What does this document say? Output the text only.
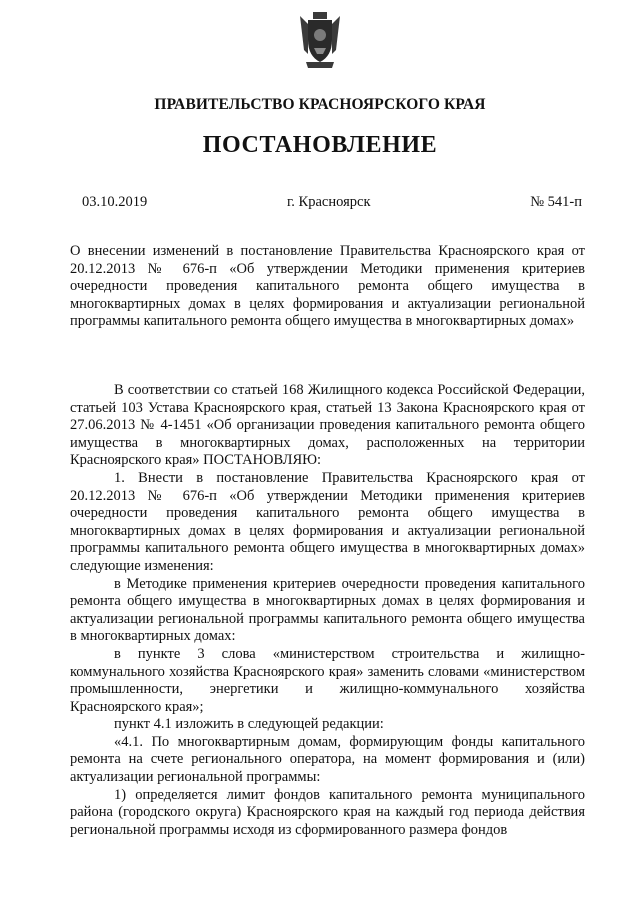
ПРАВИТЕЛЬСТВО КРАСНОЯРСКОГО КРАЯ
ПОСТАНОВЛЕНИЕ
03.10.2019	г. Красноярск	№ 541-п

О внесении изменений в постановление Правительства Красноярского края от 20.12.2013 № 676-п «Об утверждении Методики применения критериев очередности проведения капитального ремонта общего имущества в многоквартирных домах в целях формирования и актуализации региональной программы капитального ремонта общего имущества в многоквартирных домах»

В соответствии со статьей 168 Жилищного кодекса Российской Федерации, статьей 103 Устава Красноярского края, статьей 13 Закона Красноярского края от 27.06.2013 № 4-1451 «Об организации проведения капитального ремонта общего имущества в многоквартирных домах, расположенных на территории Красноярского края» ПОСТАНОВЛЯЮ:

1. Внести в постановление Правительства Красноярского края от 20.12.2013 № 676-п «Об утверждении Методики применения критериев очередности проведения капитального ремонта общего имущества в многоквартирных домах в целях формирования и актуализации региональной программы капитального ремонта общего имущества в многоквартирных домах» следующие изменения:

в Методике применения критериев очередности проведения капитального ремонта общего имущества в многоквартирных домах в целях формирования и актуализации региональной программы капитального ремонта общего имущества в многоквартирных домах:

в пункте 3 слова «министерством строительства и жилищно-коммунального хозяйства Красноярского края» заменить словами «министерством промышленности, энергетики и жилищно-коммунального хозяйства Красноярского края»;

пункт 4.1 изложить в следующей редакции:

«4.1. По многоквартирным домам, формирующим фонды капитального ремонта на счете регионального оператора, на момент формирования и (или) актуализации региональной программы:

1) определяется лимит фондов капитального ремонта муниципального района (городского округа) Красноярского края на каждый год периода действия региональной программы исходя из сформированного размера фондов
